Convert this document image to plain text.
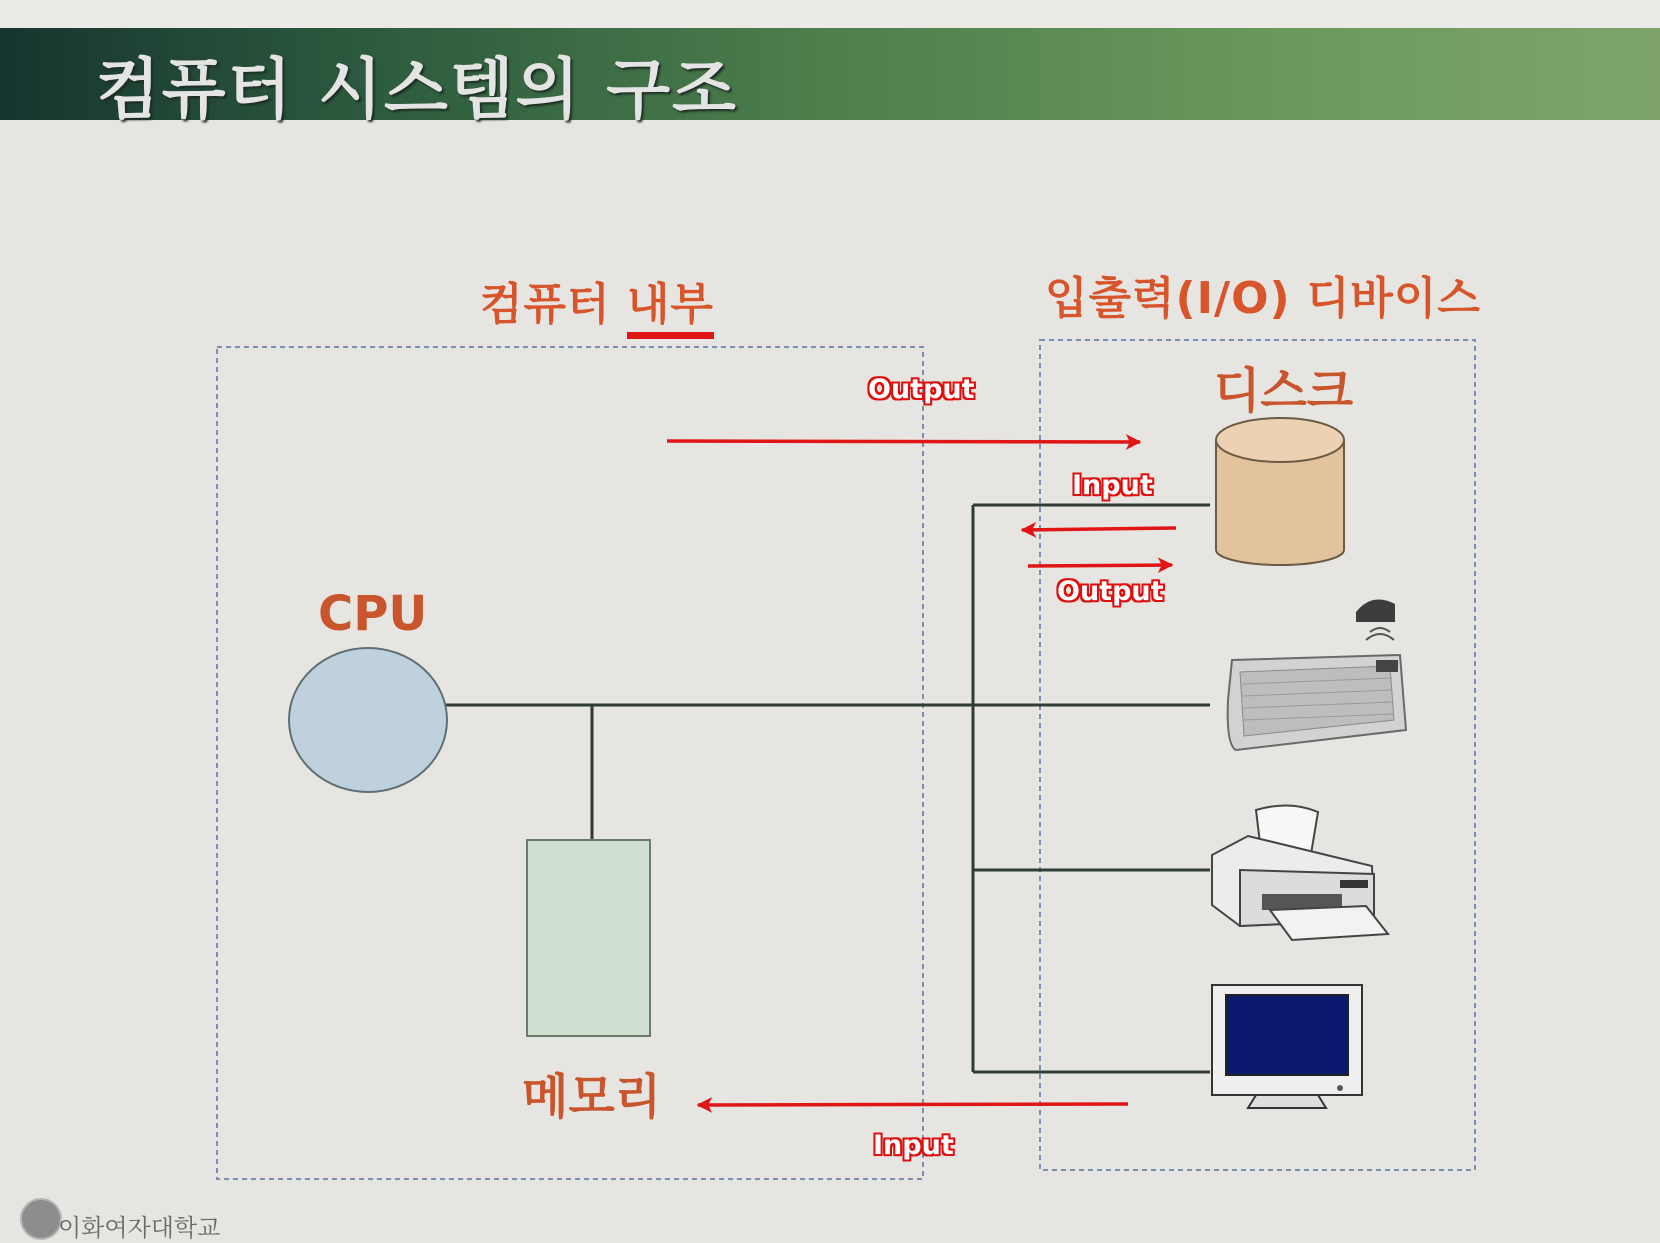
컴퓨터 시스템의 구조
컴퓨터 내부	입출력(I/O) 디바이스
CPU
메모리
디스크
Output
Input
Output
Input
이화여자대학교
